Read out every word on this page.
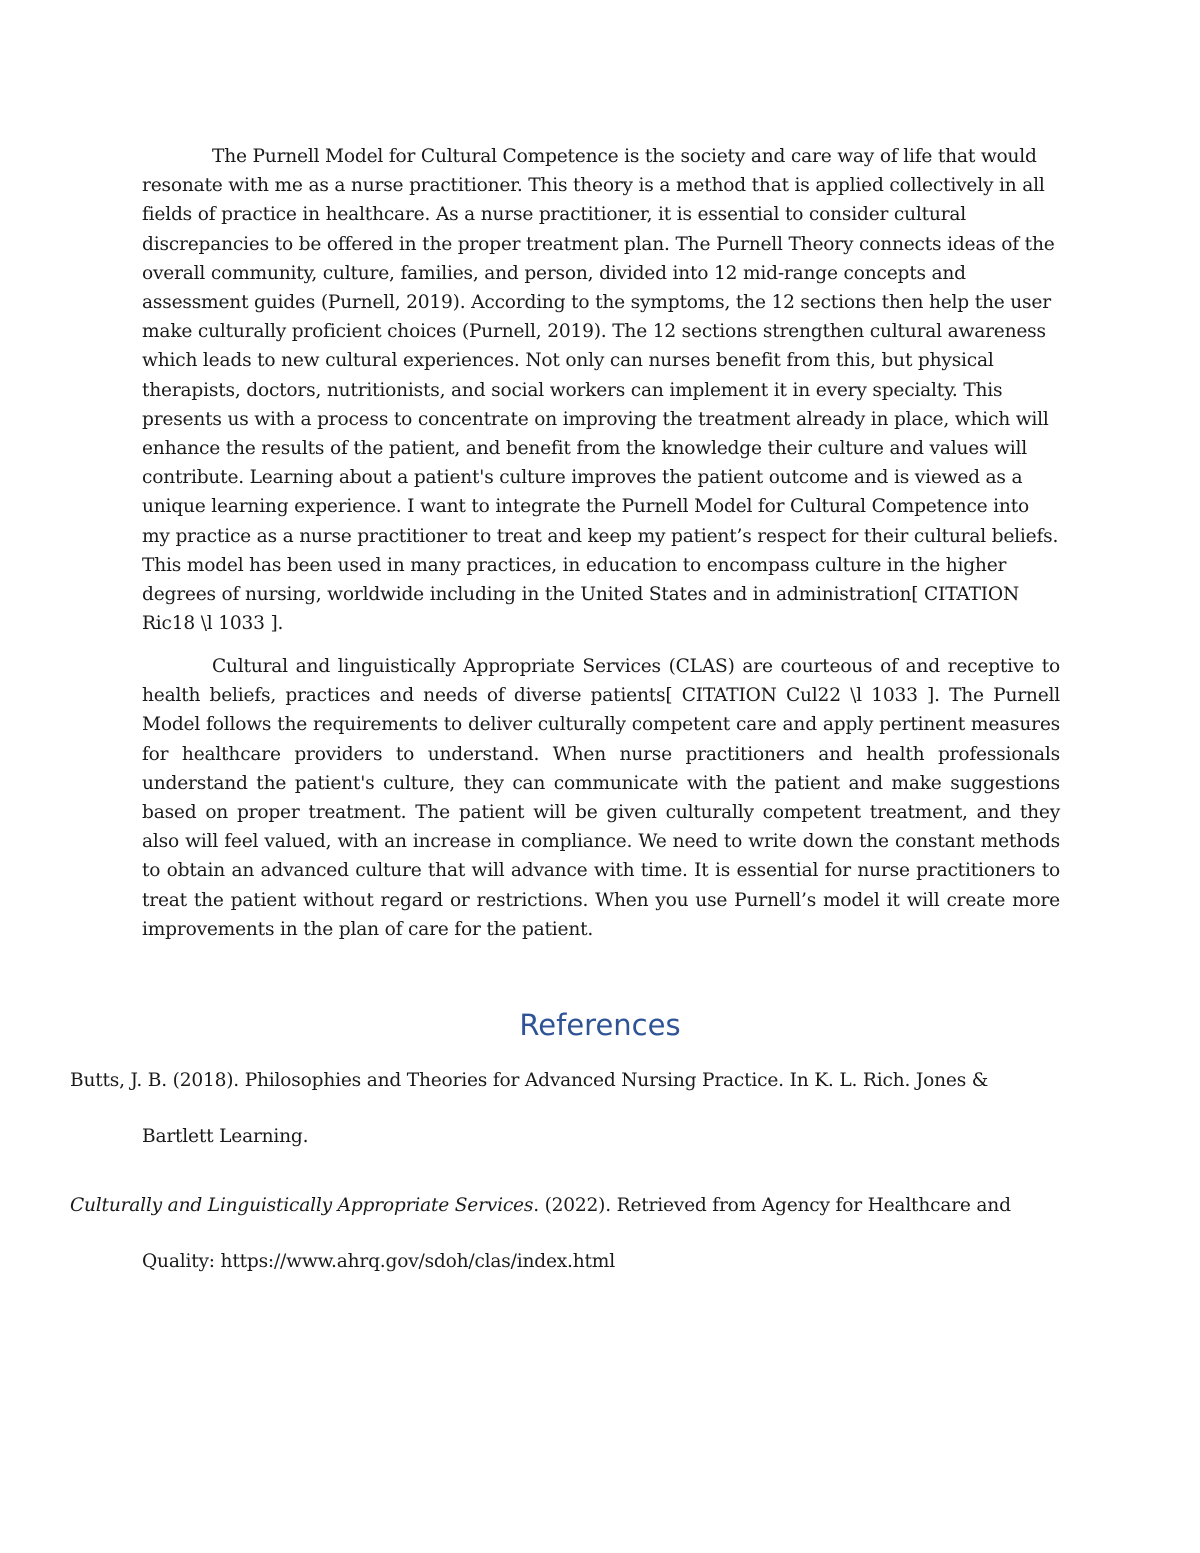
The Purnell Model for Cultural Competence is the society and care way of life that would resonate with me as a nurse practitioner. This theory is a method that is applied collectively in all fields of practice in healthcare. As a nurse practitioner, it is essential to consider cultural discrepancies to be offered in the proper treatment plan. The Purnell Theory connects ideas of the overall community, culture, families, and person, divided into 12 mid-range concepts and assessment guides (Purnell, 2019). According to the symptoms, the 12 sections then help the user make culturally proficient choices (Purnell, 2019). The 12 sections strengthen cultural awareness which leads to new cultural experiences. Not only can nurses benefit from this, but physical therapists, doctors, nutritionists, and social workers can implement it in every specialty. This presents us with a process to concentrate on improving the treatment already in place, which will enhance the results of the patient, and benefit from the knowledge their culture and values will contribute. Learning about a patient's culture improves the patient outcome and is viewed as a unique learning experience. I want to integrate the Purnell Model for Cultural Competence into my practice as a nurse practitioner to treat and keep my patient’s respect for their cultural beliefs. This model has been used in many practices, in education to encompass culture in the higher degrees of nursing, worldwide including in the United States and in administration[ CITATION Ric18 \l 1033 ].

Cultural and linguistically Appropriate Services (CLAS) are courteous of and receptive to health beliefs, practices and needs of diverse patients[ CITATION Cul22 \l 1033 ]. The Purnell Model follows the requirements to deliver culturally competent care and apply pertinent measures for healthcare providers to understand. When nurse practitioners and health professionals understand the patient's culture, they can communicate with the patient and make suggestions based on proper treatment. The patient will be given culturally competent treatment, and they also will feel valued, with an increase in compliance. We need to write down the constant methods to obtain an advanced culture that will advance with time. It is essential for nurse practitioners to treat the patient without regard or restrictions. When you use Purnell’s model it will create more improvements in the plan of care for the patient.

References

Butts, J. B. (2018). Philosophies and Theories for Advanced Nursing Practice. In K. L. Rich. Jones &
Bartlett Learning.

Culturally and Linguistically Appropriate Services. (2022). Retrieved from Agency for Healthcare and
Quality: https://www.ahrq.gov/sdoh/clas/index.html
